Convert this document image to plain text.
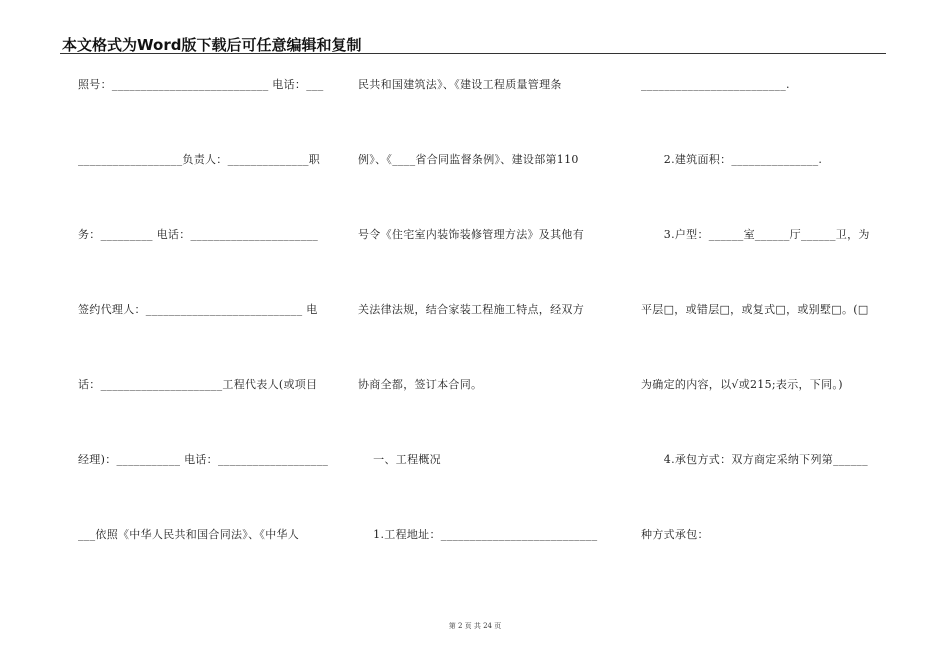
本文格式为Word版下载后可任意编辑和复制
照号：___________________________ 电话：___
__________________负责人：______________职
务：_________ 电话：______________________
签约代理人：___________________________ 电
话：_____________________工程代表人(或项目
经理)：___________ 电话：___________________
___依照《中华人民共和国合同法》、《中华人
民共和国建筑法》、《建设工程质量管理条
例》、《____省合同监督条例》、建设部第110
号令《住宅室内装饰装修管理方法》及其他有
关法律法规，结合家装工程施工特点，经双方
协商全都，签订本合同。
一、工程概况
1.工程地址：___________________________
_________________________.
2.建筑面积：_______________.
3.户型：______室______厅______卫，为
平层□，或错层□，或复式□，或别墅□。(□
为确定的内容，以√或215;表示，下同。)
4.承包方式：双方商定采纳下列第______
种方式承包：
第 2 页 共 24 页
